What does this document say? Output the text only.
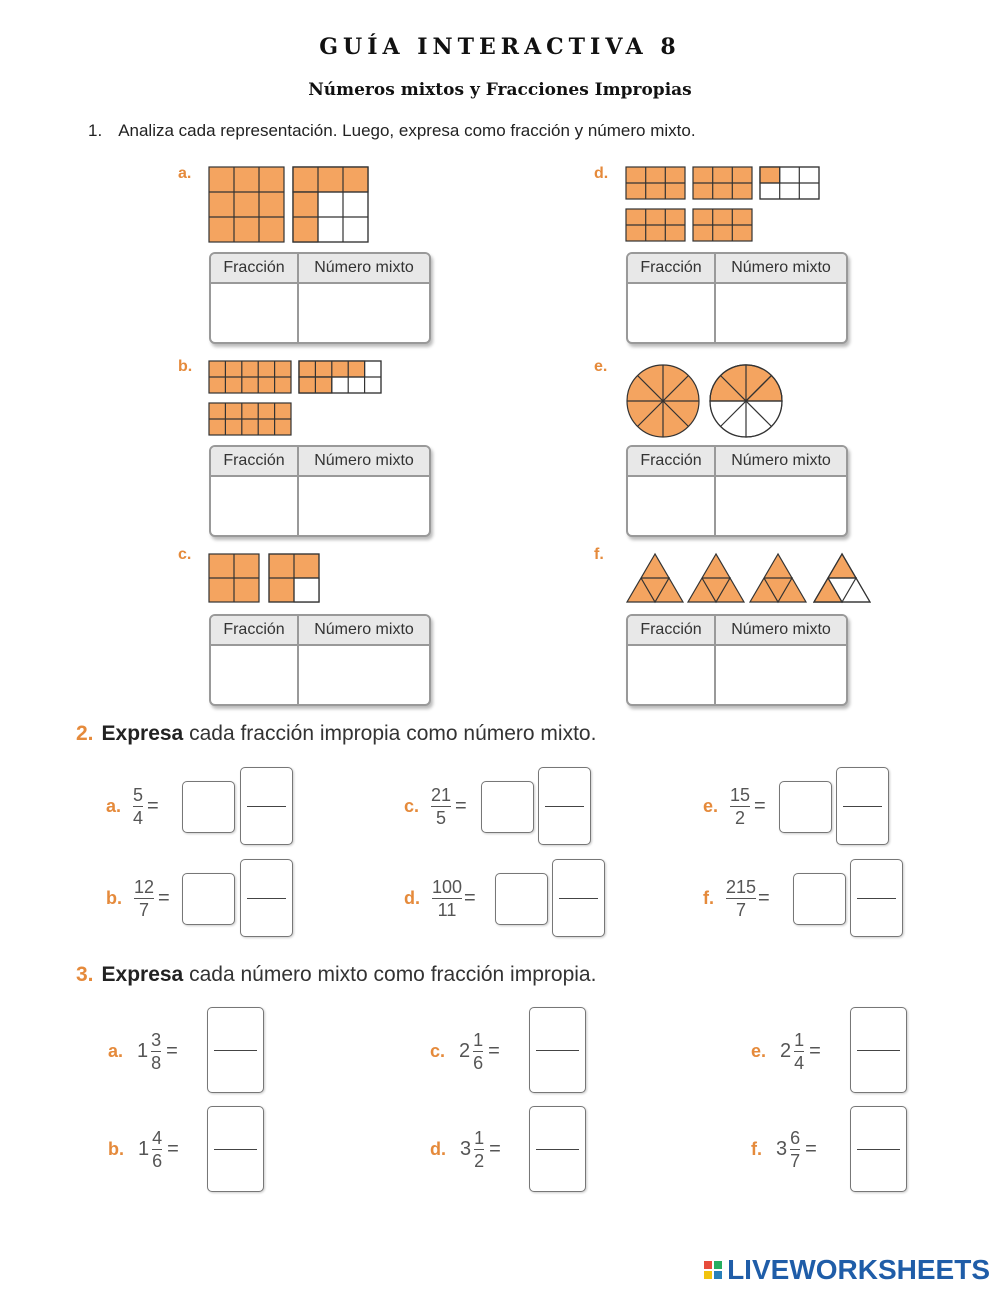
GUÍA INTERACTIVA 8
Números mixtos y Fracciones Impropias
1. Analiza cada representación. Luego, expresa como fracción y número mixto.
a.
b.
c.
d.
e.
f.
Fracción	Número mixto
Fracción	Número mixto
Fracción	Número mixto
Fracción	Número mixto
Fracción	Número mixto
Fracción	Número mixto
2. Expresa cada fracción impropia como número mixto.
a. $\frac{5}{4}$ =
b. $\frac{12}{7}$ =
c. $\frac{21}{5}$ =
d. $\frac{100}{11}$ =
e. $\frac{15}{2}$ =
f. $\frac{215}{7}$ =
3. Expresa cada número mixto como fracción impropia.
a. $1 \frac{3}{8}$ =
b. $1 \frac{4}{6}$ =
c. $2 \frac{1}{6}$ =
d. $3 \frac{1}{2}$ =
e. $2 \frac{1}{4}$ =
f. $3 \frac{6}{7}$ =
LIVEWORKSHEETS
